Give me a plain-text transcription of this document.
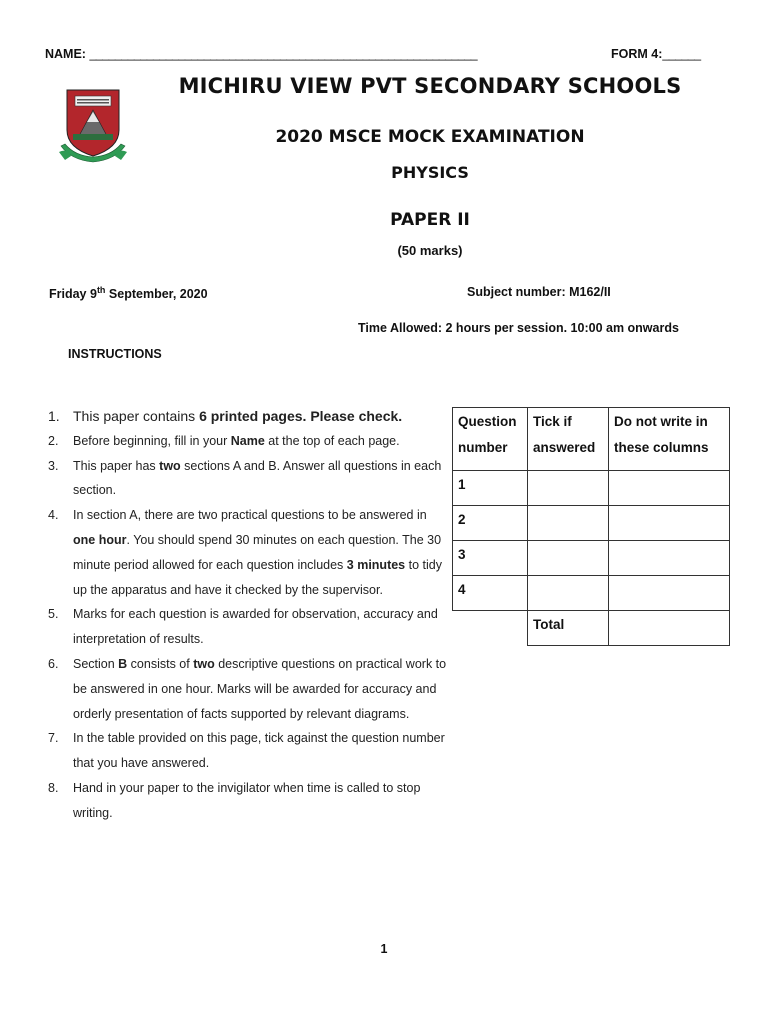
NAME: _____________________________________________________________	FORM 4:______
MICHIRU VIEW PVT SECONDARY SCHOOLS
2020 MSCE MOCK EXAMINATION
PHYSICS
PAPER II
(50 marks)
Friday 9th September, 2020	Subject number: M162/II
Time Allowed: 2 hours per session. 10:00 am onwards
INSTRUCTIONS
1. This paper contains 6 printed pages. Please check.
2. Before beginning, fill in your Name at the top of each page.
3. This paper has two sections A and B. Answer all questions in each section.
4. In section A, there are two practical questions to be answered in one hour. You should spend 30 minutes on each question. The 30 minute period allowed for each question includes 3 minutes to tidy up the apparatus and have it checked by the supervisor.
5. Marks for each question is awarded for observation, accuracy and interpretation of results.
6. Section B consists of two descriptive questions on practical work to be answered in one hour. Marks will be awarded for accuracy and orderly presentation of facts supported by relevant diagrams.
7. In the table provided on this page, tick against the question number that you have answered.
8. Hand in your paper to the invigilator when time is called to stop writing.
Question number	Tick if answered	Do not write in these columns
1		
2		
3		
4		
	Total	
1
